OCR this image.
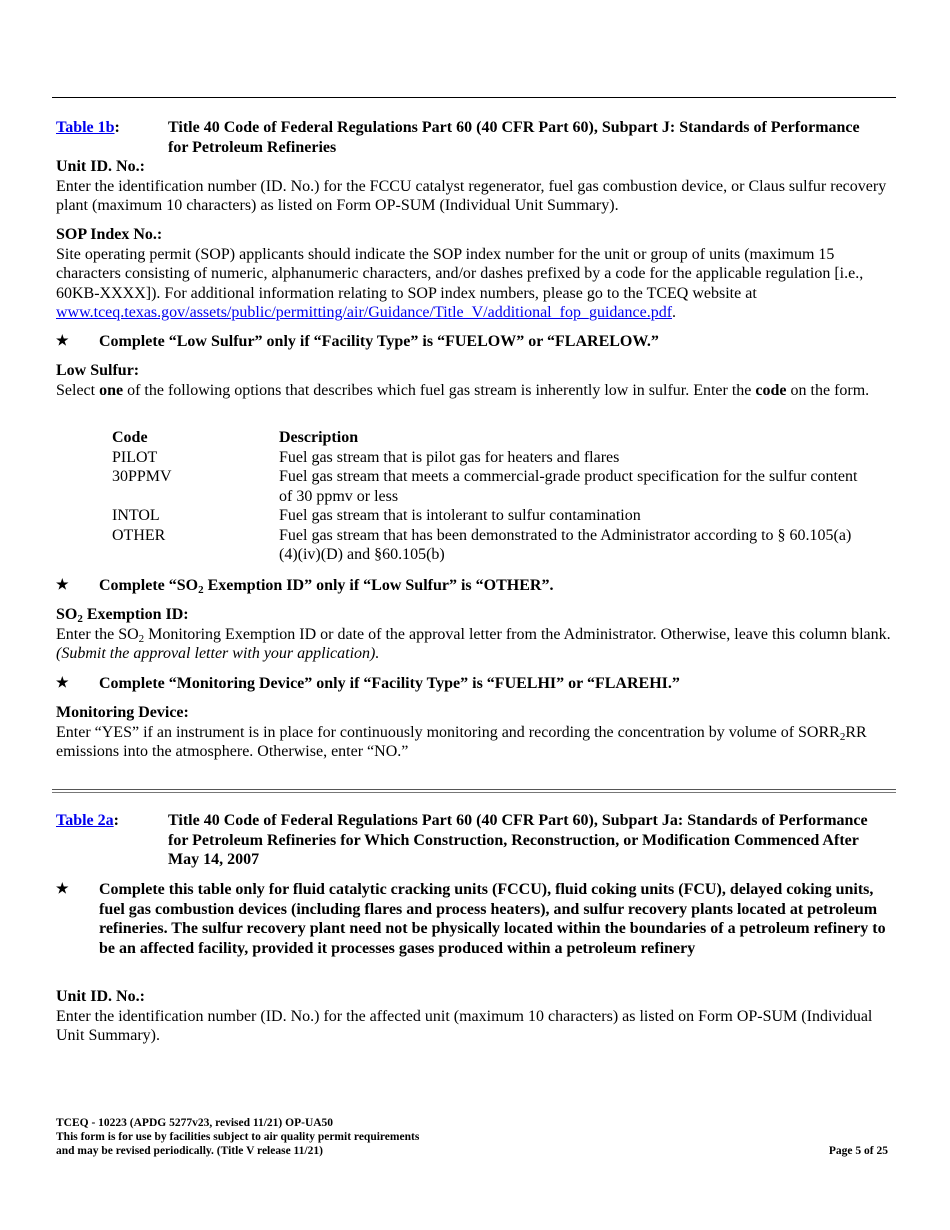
Table 1b:	Title 40 Code of Federal Regulations Part 60 (40 CFR Part 60), Subpart J: Standards of Performance for Petroleum Refineries
Unit ID. No.:
Enter the identification number (ID. No.) for the FCCU catalyst regenerator, fuel gas combustion device, or Claus sulfur recovery plant (maximum 10 characters) as listed on Form OP-SUM (Individual Unit Summary).
SOP Index No.:
Site operating permit (SOP) applicants should indicate the SOP index number for the unit or group of units (maximum 15 characters consisting of numeric, alphanumeric characters, and/or dashes prefixed by a code for the applicable regulation [i.e., 60KB-XXXX]). For additional information relating to SOP index numbers, please go to the TCEQ website at www.tceq.texas.gov/assets/public/permitting/air/Guidance/Title_V/additional_fop_guidance.pdf.
★ Complete “Low Sulfur” only if “Facility Type” is “FUELOW” or “FLARELOW.”
Low Sulfur:
Select one of the following options that describes which fuel gas stream is inherently low in sulfur. Enter the code on the form.
Code	Description
PILOT	Fuel gas stream that is pilot gas for heaters and flares
30PPMV	Fuel gas stream that meets a commercial-grade product specification for the sulfur content of 30 ppmv or less
INTOL	Fuel gas stream that is intolerant to sulfur contamination
OTHER	Fuel gas stream that has been demonstrated to the Administrator according to § 60.105(a)(4)(iv)(D) and §60.105(b)
★ Complete “$SO_2$ Exemption ID” only if “Low Sulfur” is “OTHER”.
$SO_2$ Exemption ID:
Enter the $SO_2$ Monitoring Exemption ID or date of the approval letter from the Administrator. Otherwise, leave this column blank. (Submit the approval letter with your application).
★ Complete “Monitoring Device” only if “Facility Type” is “FUELHI” or “FLAREHI.”
Monitoring Device:
Enter “YES” if an instrument is in place for continuously monitoring and recording the concentration by volume of $SORR_2RR$ emissions into the atmosphere. Otherwise, enter “NO.”
Table 2a:	Title 40 Code of Federal Regulations Part 60 (40 CFR Part 60), Subpart Ja: Standards of Performance for Petroleum Refineries for Which Construction, Reconstruction, or Modification Commenced After May 14, 2007
★ Complete this table only for fluid catalytic cracking units (FCCU), fluid coking units (FCU), delayed coking units, fuel gas combustion devices (including flares and process heaters), and sulfur recovery plants located at petroleum refineries. The sulfur recovery plant need not be physically located within the boundaries of a petroleum refinery to be an affected facility, provided it processes gases produced within a petroleum refinery
Unit ID. No.:
Enter the identification number (ID. No.) for the affected unit (maximum 10 characters) as listed on Form OP-SUM (Individual Unit Summary).
TCEQ - 10223 (APDG 5277v23, revised 11/21) OP-UA50
This form is for use by facilities subject to air quality permit requirements
and may be revised periodically. (Title V release 11/21)	Page 5 of 25
